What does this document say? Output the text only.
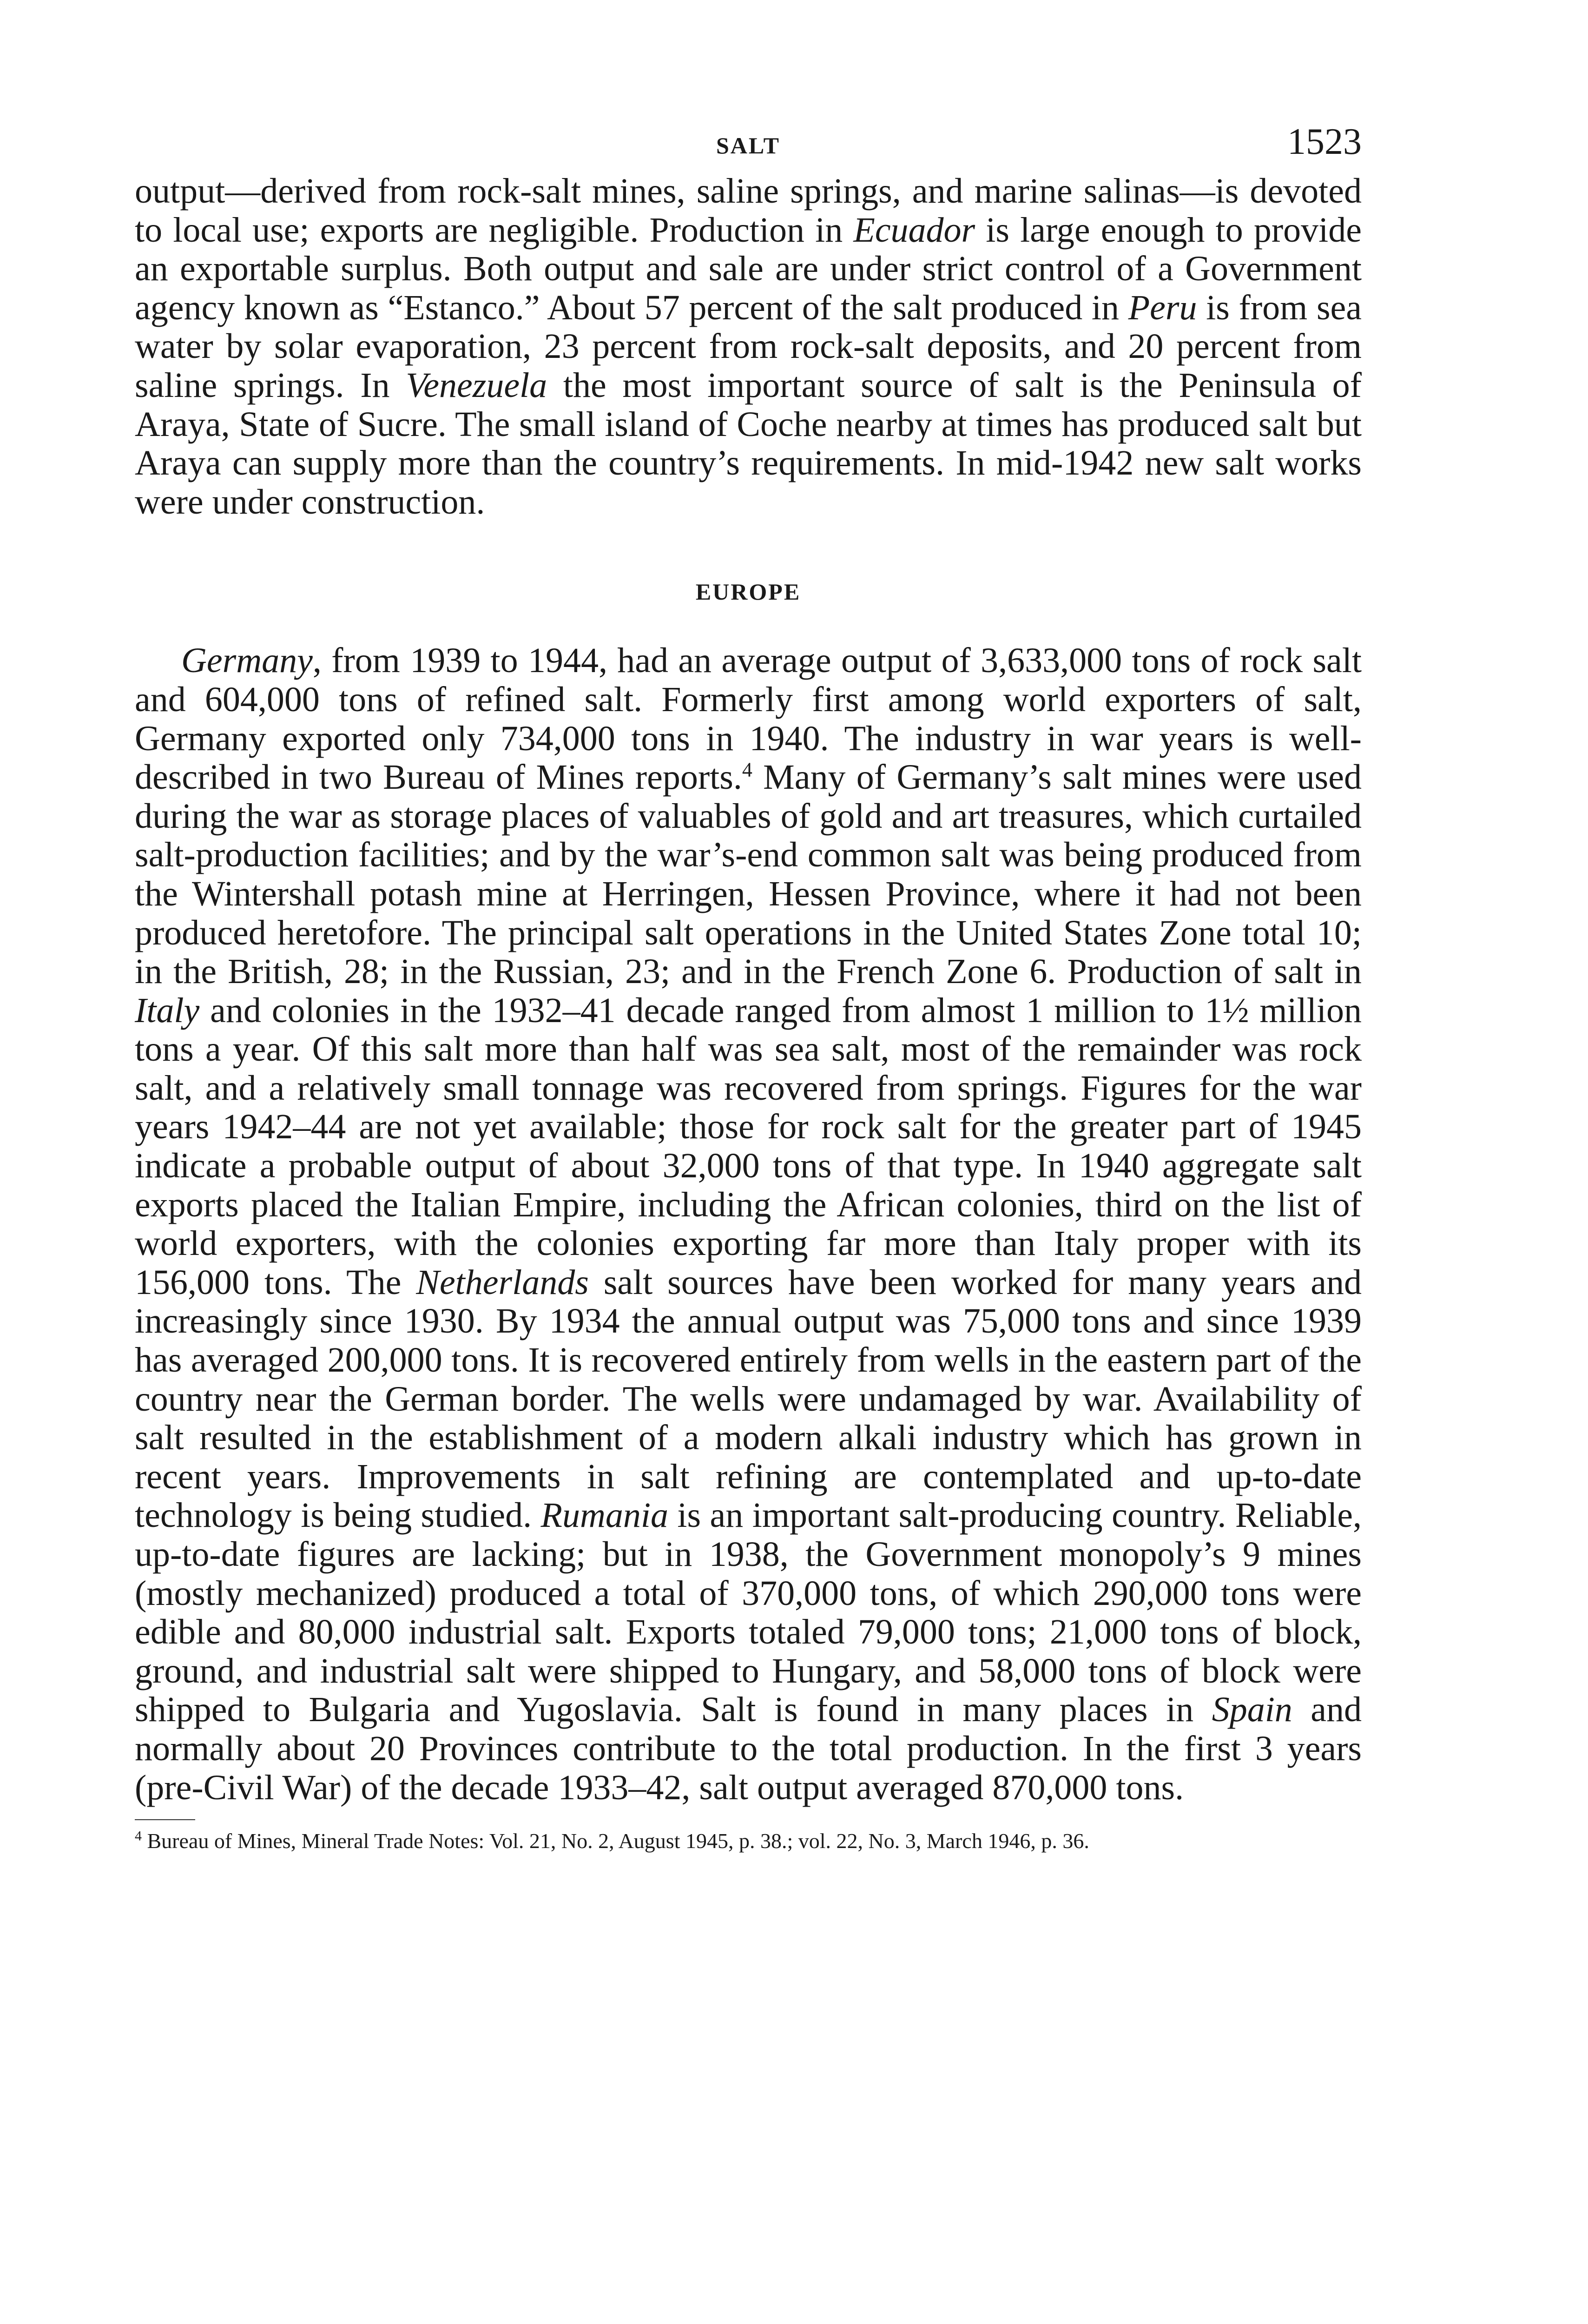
SALT	1523

output—derived from rock-salt mines, saline springs, and marine salinas—is devoted to local use; exports are negligible. Production in Ecuador is large enough to provide an exportable surplus. Both output and sale are under strict control of a Government agency known as “Estanco.” About 57 percent of the salt produced in Peru is from sea water by solar evaporation, 23 percent from rock-salt deposits, and 20 percent from saline springs. In Venezuela the most important source of salt is the Peninsula of Araya, State of Sucre. The small island of Coche nearby at times has produced salt but Araya can supply more than the country’s requirements. In mid-1942 new salt works were under construction.

EUROPE

Germany, from 1939 to 1944, had an average output of 3,633,000 tons of rock salt and 604,000 tons of refined salt. Formerly first among world exporters of salt, Germany exported only 734,000 tons in 1940. The industry in war years is well-described in two Bureau of Mines reports.$^4$ Many of Germany’s salt mines were used during the war as storage places of valuables of gold and art treasures, which curtailed salt-production facilities; and by the war’s-end common salt was being produced from the Wintershall potash mine at Herringen, Hessen Province, where it had not been produced heretofore. The principal salt operations in the United States Zone total 10; in the British, 28; in the Russian, 23; and in the French Zone 6. Production of salt in Italy and colonies in the 1932–41 decade ranged from almost 1 million to 1½ million tons a year. Of this salt more than half was sea salt, most of the remainder was rock salt, and a relatively small tonnage was recovered from springs. Figures for the war years 1942–44 are not yet available; those for rock salt for the greater part of 1945 indicate a probable output of about 32,000 tons of that type. In 1940 aggregate salt exports placed the Italian Empire, including the African colonies, third on the list of world exporters, with the colonies exporting far more than Italy proper with its 156,000 tons. The Netherlands salt sources have been worked for many years and increasingly since 1930. By 1934 the annual output was 75,000 tons and since 1939 has averaged 200,000 tons. It is recovered entirely from wells in the eastern part of the country near the German border. The wells were undamaged by war. Availability of salt resulted in the establishment of a modern alkali industry which has grown in recent years. Improvements in salt refining are contemplated and up-to-date technology is being studied. Rumania is an important salt-producing country. Reliable, up-to-date figures are lacking; but in 1938, the Government monopoly’s 9 mines (mostly mechanized) produced a total of 370,000 tons, of which 290,000 tons were edible and 80,000 industrial salt. Exports totaled 79,000 tons; 21,000 tons of block, ground, and industrial salt were shipped to Hungary, and 58,000 tons of block were shipped to Bulgaria and Yugoslavia. Salt is found in many places in Spain and normally about 20 Provinces contribute to the total production. In the first 3 years (pre-Civil War) of the decade 1933–42, salt output averaged 870,000 tons.

$^4$ Bureau of Mines, Mineral Trade Notes: Vol. 21, No. 2, August 1945, p. 38.; vol. 22, No. 3, March 1946, p. 36.
